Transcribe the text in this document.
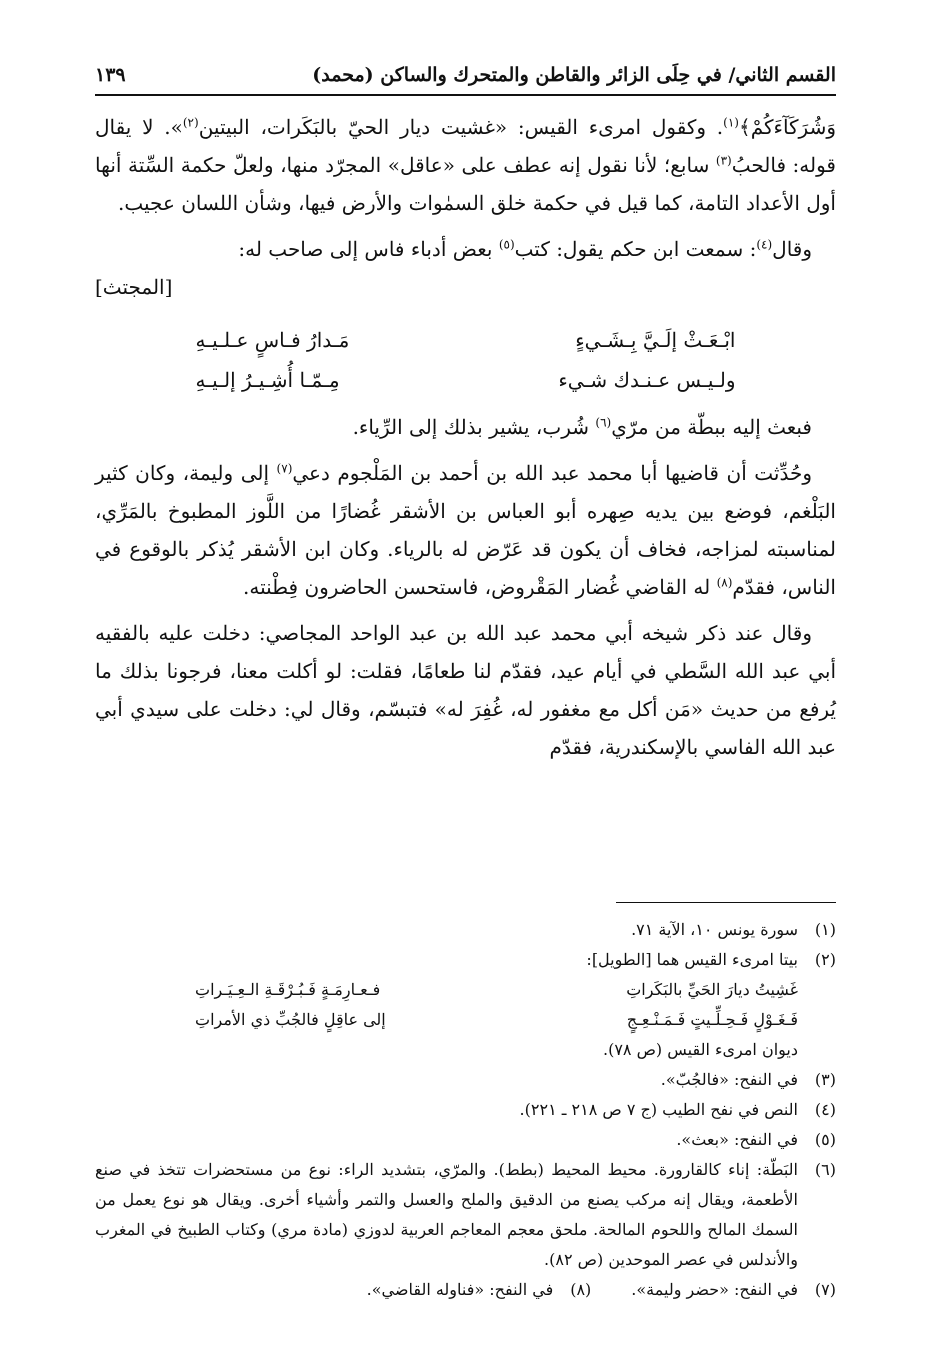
القسم الثاني/ في حِلَى الزائر والقاطن والمتحرك والساكن (محمد)
١٣٩

وَشُرَكَآءَكُمْ﴾$^{(١)}$. وكقول امرىء القيس: «غشيت ديار الحيّ بالبَكَرات، البيتين$^{(٢)}$». لا يقال قوله: فالحبُ$^{(٣)}$ سابع؛ لأنا نقول إنه عطف على «عاقل» المجرّد منها، ولعلّ حكمة السِّتة أنها أول الأعداد التامة، كما قيل في حكمة خلق السمٰوات والأرض فيها، وشأن اللسان عجيب.

وقال$^{(٤)}$: سمعت ابن حكم يقول: كتب$^{(٥)}$ بعض أدباء فاس إلى صاحب له:
[المجتث]

ابْـعَـثْ إلَـيَّ بِـشَـيءٍ
مَـدارُ فـاسٍ عـلـيـهِ
ولـيـس عـنـدك شـيء
مِـمّـا أُشِـيـرُ إلـيـهِ

فبعث إليه ببطّة من مرّي$^{(٦)}$ شُرب، يشير بذلك إلى الرِّياء.

وحُدِّثت أن قاضيها أبا محمد عبد الله بن أحمد بن المَلْجوم دعي$^{(٧)}$ إلى وليمة، وكان كثير البَلْغم، فوضع بين يديه صِهره أبو العباس بن الأشقر غُضارًا من اللَّوز المطبوخ بالمَرِّي، لمناسبته لمزاجه، فخاف أن يكون قد عَرّض له بالرياء. وكان ابن الأشقر يُذكر بالوقوع في الناس، فقدّم$^{(٨)}$ له القاضي غُضار المَقْروض، فاستحسن الحاضرون فِطْنته.

وقال عند ذكر شيخه أبي محمد عبد الله بن عبد الواحد المجاصي: دخلت عليه بالفقيه أبي عبد الله السَّطي في أيام عيد، فقدّم لنا طعامًا، فقلت: لو أكلت معنا، فرجونا بذلك ما يُرفع من حديث «مَن أكل مع مغفور له، غُفِرَ له» فتبسّم، وقال لي: دخلت على سيدي أبي عبد الله الفاسي بالإسكندرية، فقدّم

(١)
سورة يونس ١٠، الآية ٧١.
(٢)
بيتا امرىء القيس هما [الطويل]:
غَشِيتُ ديارَ الحَيِّ بالبَكَراتِ
فـعـارِمَـةٍ فَـبُـرْقَـةِ الـعِـيَـراتِ
فَـغَـوْلٍ فَـحِـلِّـيتٍ فَـمَـنْـعِـجٍ
إلى عاقِلٍ فالجُبِّ ذي الأمراتِ
ديوان امرىء القيس (ص ٧٨).
(٣)
في النفح: «فالجُبّ».
(٤)
النص في نفح الطيب (ج ٧ ص ٢١٨ ـ ٢٢١).
(٥)
في النفح: «بعث».
(٦)
البَطّة: إناء كالقارورة. محيط المحيط (بطط). والمرّي، بتشديد الراء: نوع من مستحضرات تتخذ في صنع الأطعمة، ويقال إنه مركب يصنع من الدقيق والملح والعسل والتمر وأشياء أخرى. ويقال هو نوع يعمل من السمك المالح واللحوم المالحة. ملحق معجم المعاجم العربية لدوزي (مادة مري) وكتاب الطبيخ في المغرب والأندلس في عصر الموحدين (ص ٨٢).
(٧)
في النفح: «حضر وليمة».
(٨)
في النفح: «فناوله القاضي».
